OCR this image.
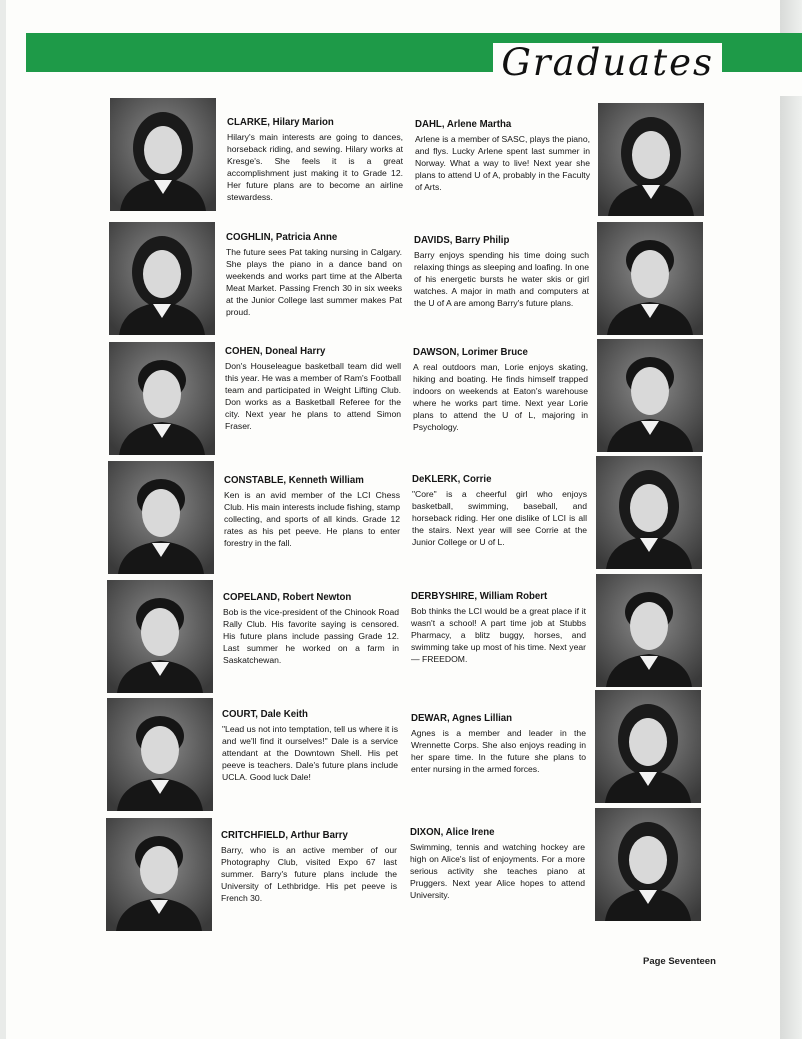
Graduates

CLARKE, Hilary Marion

Hilary's main interests are going to dances, horseback riding, and sewing. Hilary works at Kresge's. She feels it is a great accomplishment just making it to Grade 12. Her future plans are to become an airline stewardess.

COGHLIN, Patricia Anne

The future sees Pat taking nursing in Calgary. She plays the piano in a dance band on weekends and works part time at the Alberta Meat Market. Passing French 30 in six weeks at the Junior College last summer makes Pat proud.

COHEN, Doneal Harry

Don's Houseleague basketball team did well this year. He was a member of Ram's Football team and participated in Weight Lifting Club. Don works as a Basketball Referee for the city. Next year he plans to attend Simon Fraser.

CONSTABLE, Kenneth William

Ken is an avid member of the LCI Chess Club. His main interests include fishing, stamp collecting, and sports of all kinds. Grade 12 rates as his pet peeve. He plans to enter forestry in the fall.

COPELAND, Robert Newton

Bob is the vice-president of the Chinook Road Rally Club. His favorite saying is censored. His future plans include passing Grade 12. Last summer he worked on a farm in Saskatchewan.

COURT, Dale Keith

"Lead us not into temptation, tell us where it is and we'll find it ourselves!" Dale is a service attendant at the Downtown Shell. His pet peeve is teachers. Dale's future plans include UCLA. Good luck Dale!

CRITCHFIELD, Arthur Barry

Barry, who is an active member of our Photography Club, visited Expo 67 last summer. Barry's future plans include the University of Lethbridge. His pet peeve is French 30.

DAHL, Arlene Martha

Arlene is a member of SASC, plays the piano, and flys. Lucky Arlene spent last summer in Norway. What a way to live! Next year she plans to attend U of A, probably in the Faculty of Arts.

DAVIDS, Barry Philip

Barry enjoys spending his time doing such relaxing things as sleeping and loafing. In one of his energetic bursts he water skis or girl watches. A major in math and computers at the U of A are among Barry's future plans.

DAWSON, Lorimer Bruce

A real outdoors man, Lorie enjoys skating, hiking and boating. He finds himself trapped indoors on weekends at Eaton's warehouse where he works part time. Next year Lorie plans to attend the U of L, majoring in Psychology.

DeKLERK, Corrie

"Core" is a cheerful girl who enjoys basketball, swimming, baseball, and horseback riding. Her one dislike of LCI is all the stairs. Next year will see Corrie at the Junior College or U of L.

DERBYSHIRE, William Robert

Bob thinks the LCI would be a great place if it wasn't a school! A part time job at Stubbs Pharmacy, a blitz buggy, horses, and swimming take up most of his time. Next year— FREEDOM.

DEWAR, Agnes Lillian

Agnes is a member and leader in the Wrennette Corps. She also enjoys reading in her spare time. In the future she plans to enter nursing in the armed forces.

DIXON, Alice Irene

Swimming, tennis and watching hockey are high on Alice's list of enjoyments. For a more serious activity she teaches piano at Pruggers. Next year Alice hopes to attend University.

Page Seventeen
